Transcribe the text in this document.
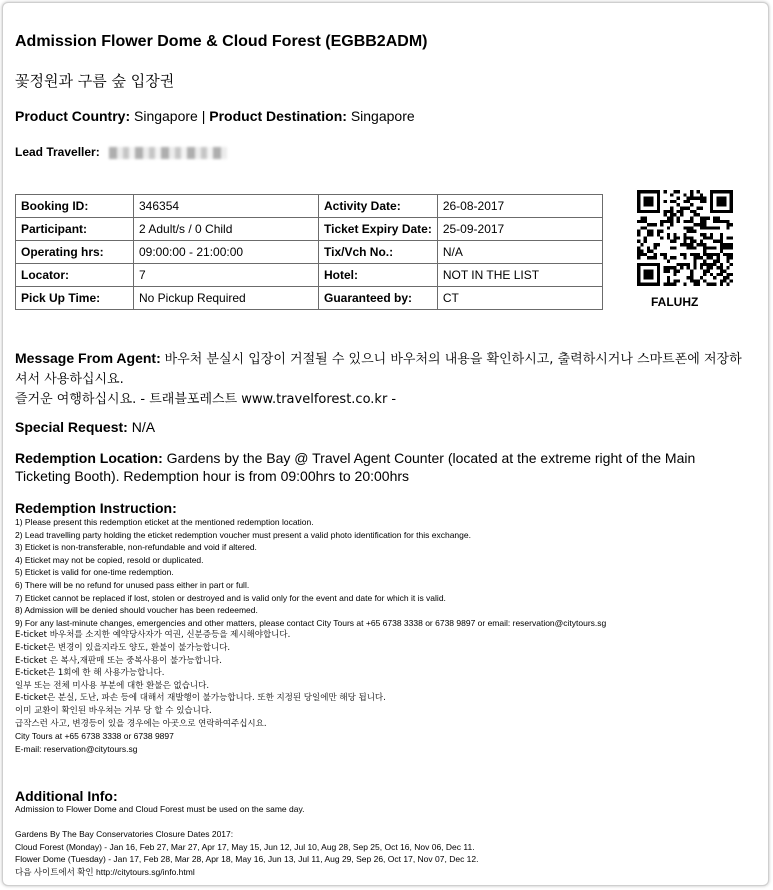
Admission Flower Dome & Cloud Forest (EGBB2ADM)
꽃정원과 구름 숲 입장권
Product Country: Singapore | Product Destination: Singapore
Lead Traveller:
Booking ID:	346354	Activity Date:	26-08-2017
Participant:	2 Adult/s / 0 Child	Ticket Expiry Date:	25-09-2017
Operating hrs:	09:00:00 - 21:00:00	Tix/Vch No.:	N/A
Locator:	7	Hotel:	NOT IN THE LIST
Pick Up Time:	No Pickup Required	Guaranteed by:	CT	FALUHZ
Message From Agent: 바우처 분실시 입장이 거절될 수 있으니 바우처의 내용을 확인하시고, 출력하시거나 스마트폰에 저장하셔서 사용하십시요.
즐거운 여행하십시요. - 트래블포레스트 www.travelforest.co.kr -
Special Request: N/A
Redemption Location: Gardens by the Bay @ Travel Agent Counter (located at the extreme right of the Main Ticketing Booth). Redemption hour is from 09:00hrs to 20:00hrs
Redemption Instruction:
1) Please present this redemption eticket at the mentioned redemption location.
2) Lead travelling party holding the eticket redemption voucher must present a valid photo identification for this exchange.
3) Eticket is non-transferable, non-refundable and void if altered.
4) Eticket may not be copied, resold or duplicated.
5) Eticket is valid for one-time redemption.
6) There will be no refund for unused pass either in part or full.
7) Eticket cannot be replaced if lost, stolen or destroyed and is valid only for the event and date for which it is valid.
8) Admission will be denied should voucher has been redeemed.
9) For any last-minute changes, emergencies and other matters, please contact City Tours at +65 6738 3338 or 6738 9897 or email: reservation@citytours.sg
E-ticket 바우처를 소지한 예약당사자가 여권, 신분증등을 제시해야합니다.
E-ticket은 변경이 있을지라도 양도, 환불이 불가능합니다.
E-ticket 은 복사,재판매 또는 중복사용이 불가능합니다.
E-ticket은 1회에 한 해 사용가능합니다.
일부 또는 전체 미사용 부분에 대한 환불은 없습니다.
E-ticket은 분실, 도난, 파손 등에 대해서 재발행이 불가능합니다. 또한 지정된 당일에만 해당 됩니다.
이미 교환이 확인된 바우쳐는 거부 당 할 수 있습니다.
급작스런 사고, 변경등이 있을 경우에는 아곳으로 연락하여주십시요.
City Tours at +65 6738 3338 or 6738 9897
E-mail: reservation@citytours.sg
Additional Info:
Admission to Flower Dome and Cloud Forest must be used on the same day.
Gardens By The Bay Conservatories Closure Dates 2017:
Cloud Forest (Monday) - Jan 16, Feb 27, Mar 27, Apr 17, May 15, Jun 12, Jul 10, Aug 28, Sep 25, Oct 16, Nov 06, Dec 11.
Flower Dome (Tuesday) - Jan 17, Feb 28, Mar 28, Apr 18, May 16, Jun 13, Jul 11, Aug 29, Sep 26, Oct 17, Nov 07, Dec 12.
다음 사이트에서 확인 http://citytours.sg/info.html
